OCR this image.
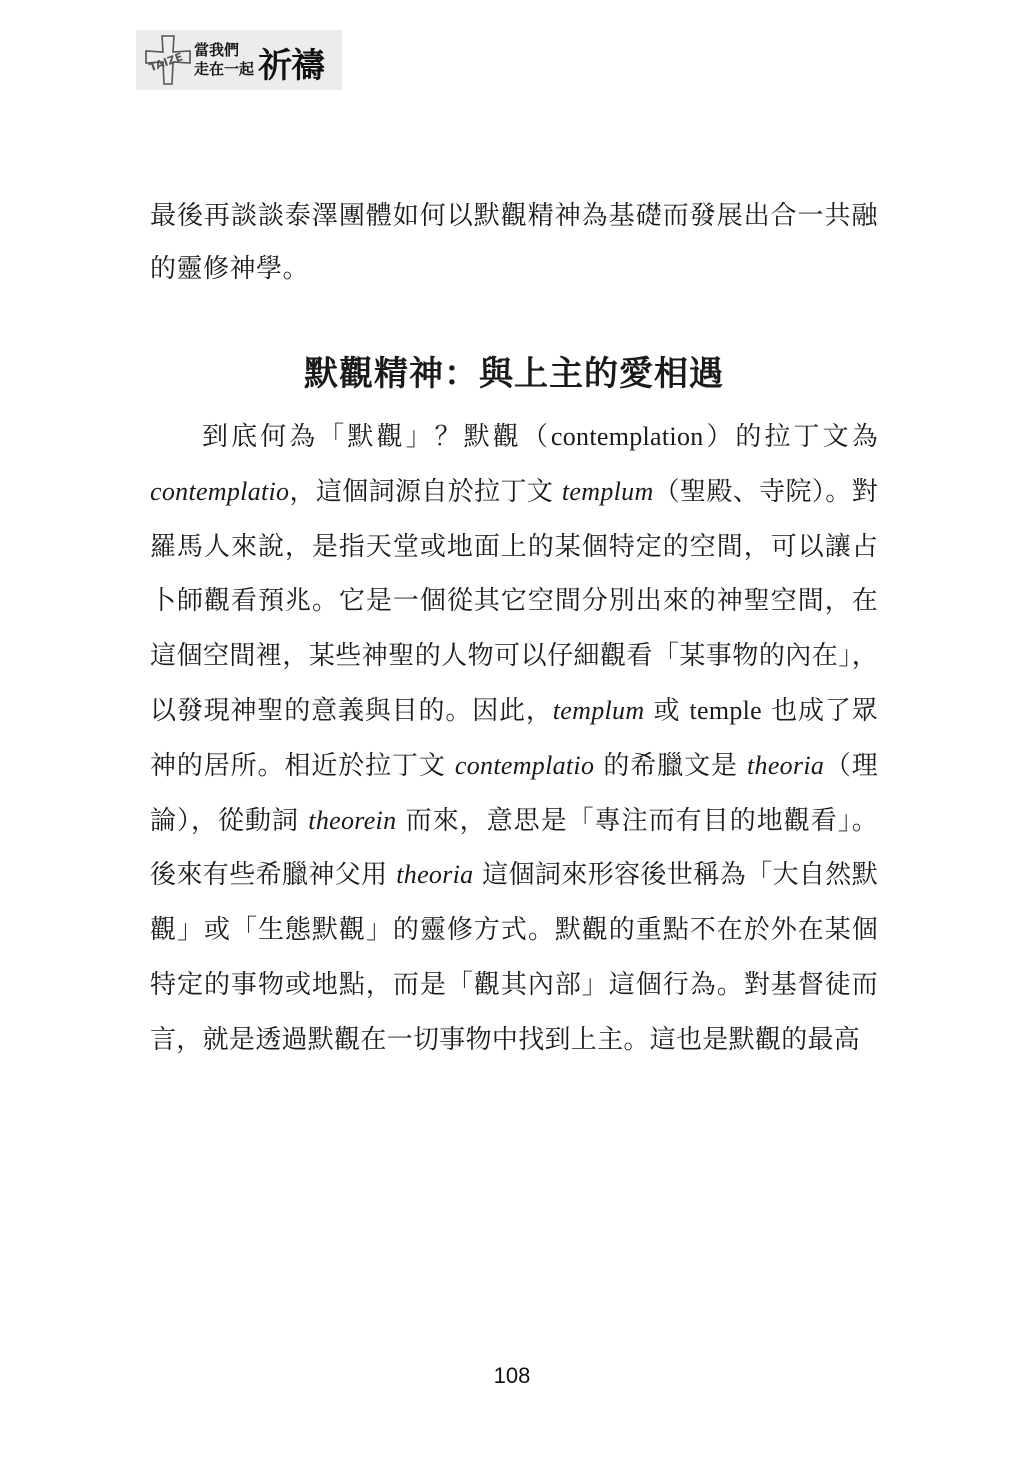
TAIZE
當我們
走在一起 祈禱

最後再談談泰澤團體如何以默觀精神為基礎而發展出合一共融的靈修神學。

默觀精神：與上主的愛相遇

到底何為「默觀」？默觀（contemplation）的拉丁文為 contemplatio，這個詞源自於拉丁文 templum（聖殿、寺院）。對羅馬人來說，是指天堂或地面上的某個特定的空間，可以讓占卜師觀看預兆。它是一個從其它空間分別出來的神聖空間，在這個空間裡，某些神聖的人物可以仔細觀看「某事物的內在」，以發現神聖的意義與目的。因此，templum 或 temple 也成了眾神的居所。相近於拉丁文 contemplatio 的希臘文是 theoria（理論），從動詞 theorein 而來，意思是「專注而有目的地觀看」。後來有些希臘神父用 theoria 這個詞來形容後世稱為「大自然默觀」或「生態默觀」的靈修方式。默觀的重點不在於外在某個特定的事物或地點，而是「觀其內部」這個行為。對基督徒而言，就是透過默觀在一切事物中找到上主。這也是默觀的最高

108
